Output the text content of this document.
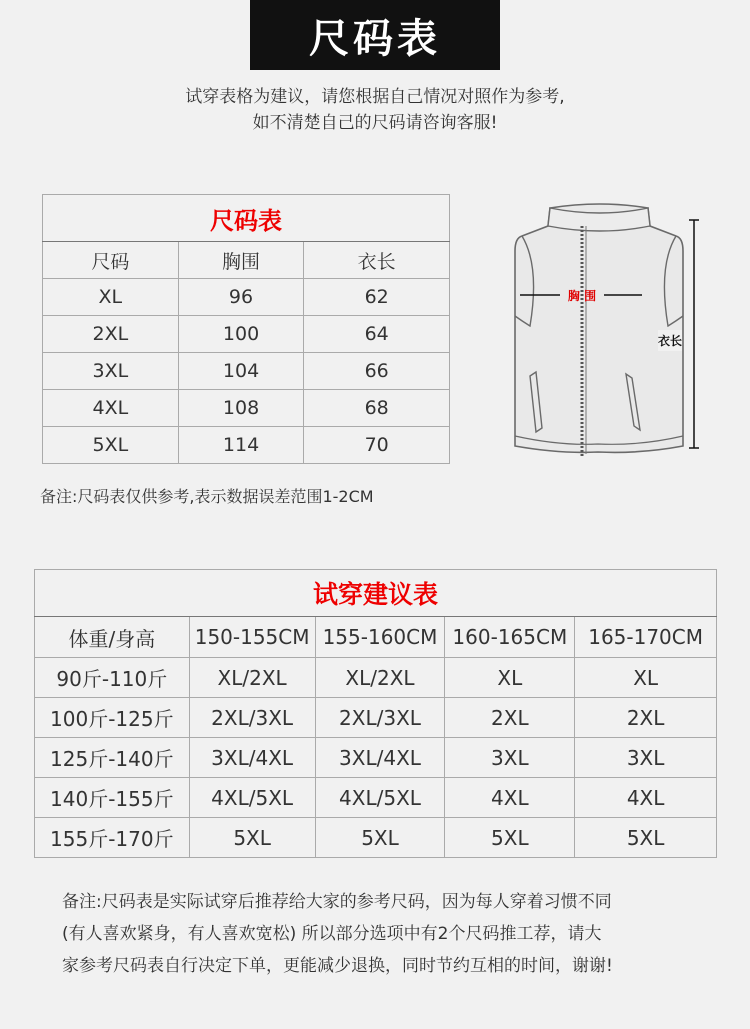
尺码表
试穿表格为建议，请您根据自己情况对照作为参考,
如不清楚自己的尺码请咨询客服!
尺码表		
尺码	胸围	衣长
XL	96	62
2XL	100	64
3XL	104	66
4XL	108	68
5XL	114	70
备注:尺码表仅供参考,表示数据误差范围1-2CM
胸 围
衣长
试穿建议表				
体重/身高	150-155CM	155-160CM	160-165CM	165-170CM
90斤-110斤	XL/2XL	XL/2XL	XL	XL
100斤-125斤	2XL/3XL	2XL/3XL	2XL	2XL
125斤-140斤	3XL/4XL	3XL/4XL	3XL	3XL
140斤-155斤	4XL/5XL	4XL/5XL	4XL	4XL
155斤-170斤	5XL	5XL	5XL	5XL
备注:尺码表是实际试穿后推荐给大家的参考尺码，因为每人穿着习惯不同
(有人喜欢紧身，有人喜欢宽松) 所以部分选项中有2个尺码推工荐，请大
家参考尺码表自行决定下单，更能减少退换，同时节约互相的时间，谢谢!
